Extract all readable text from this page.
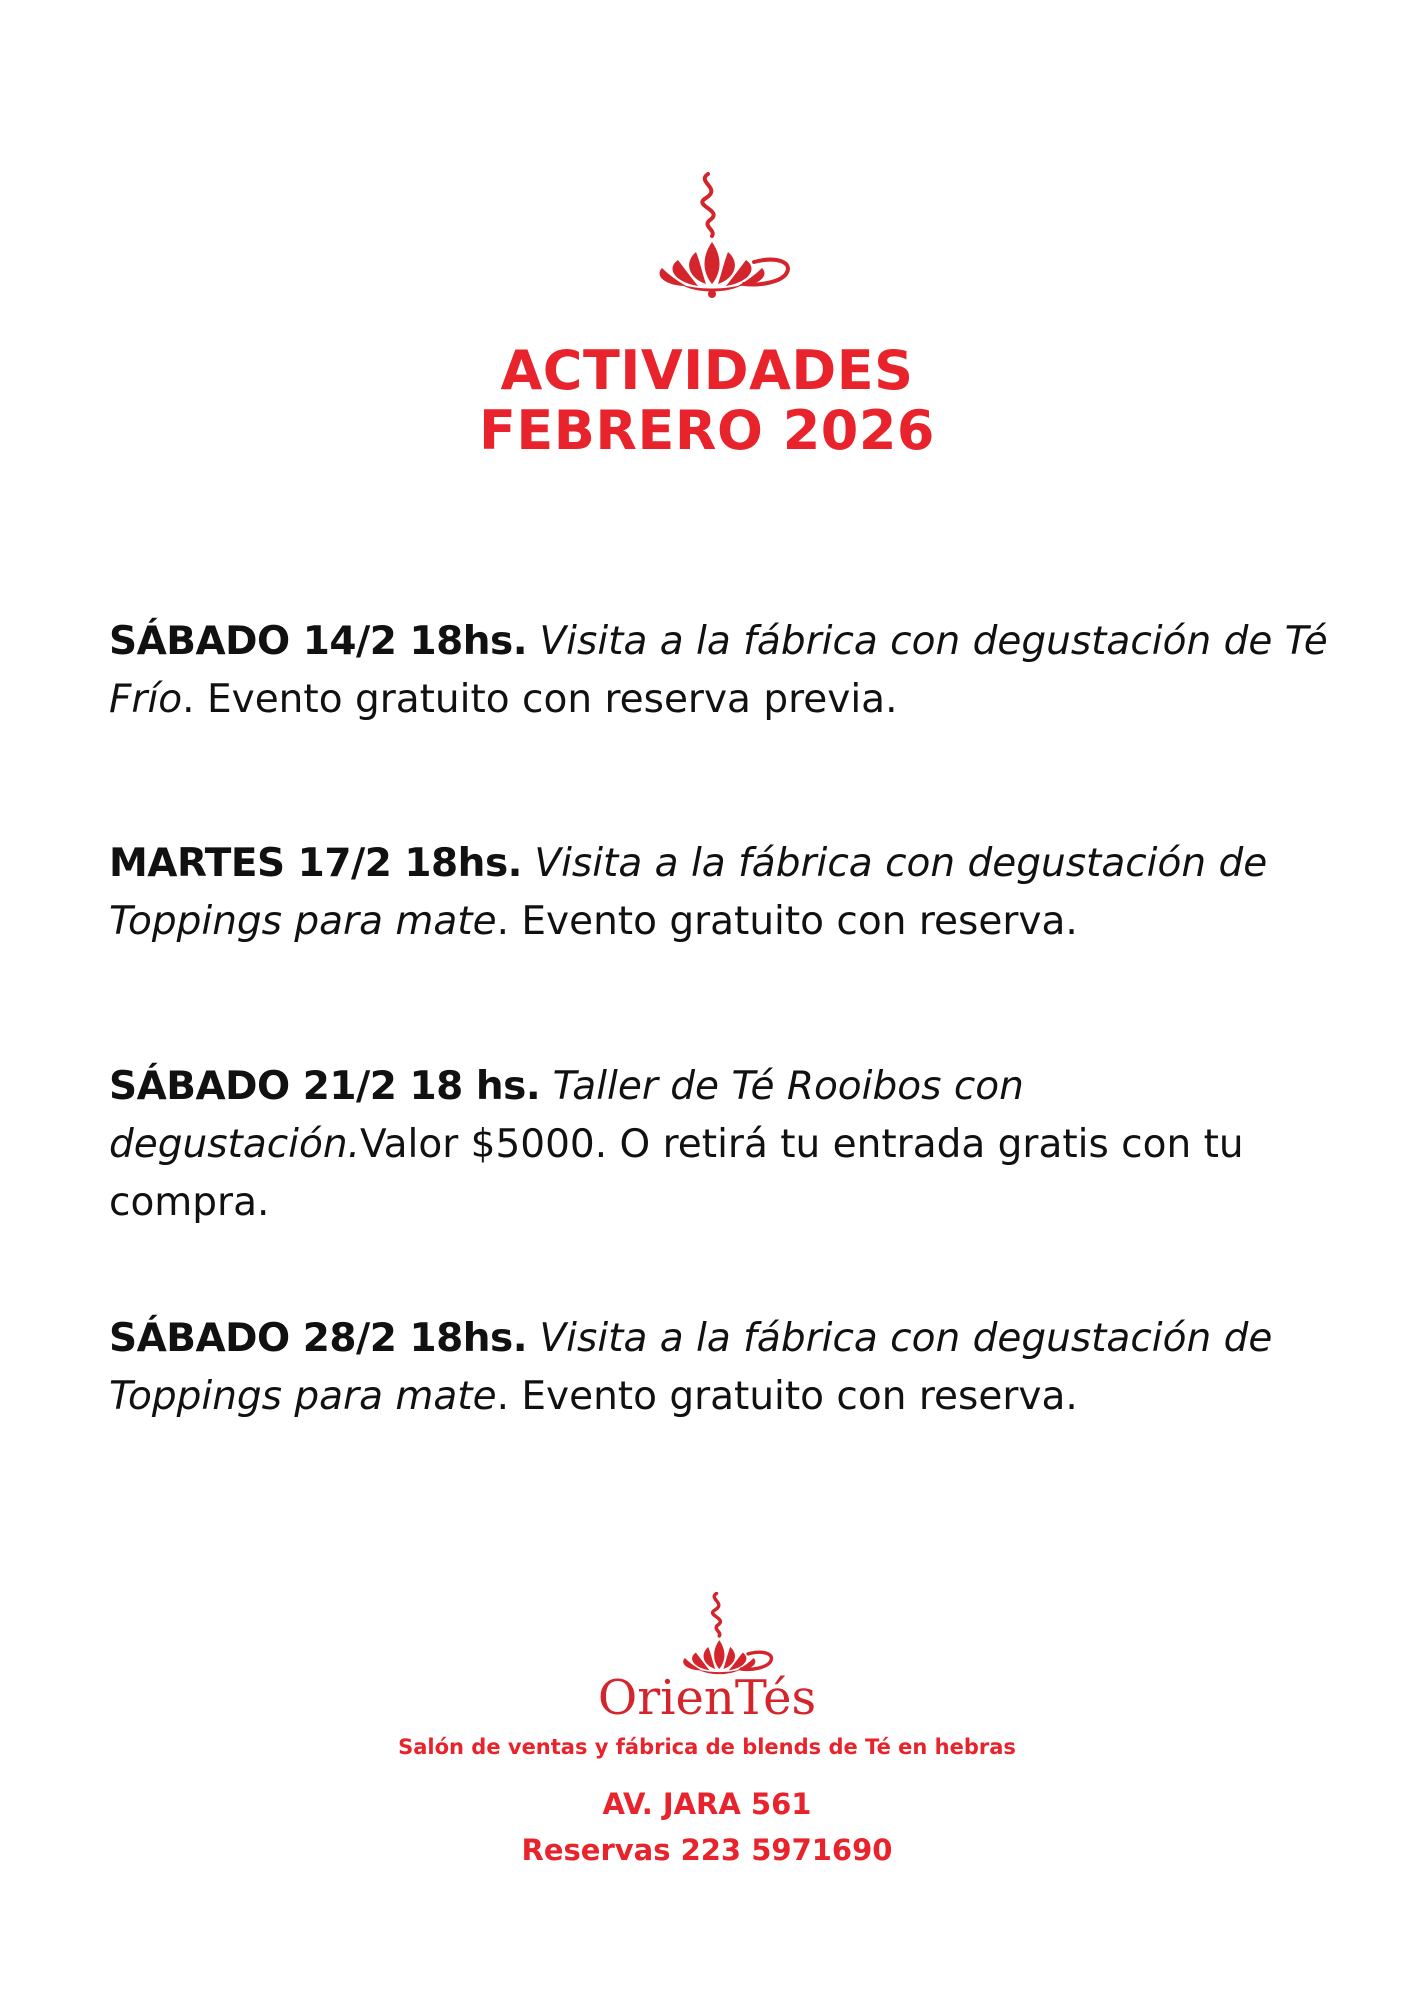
ACTIVIDADES
FEBRERO 2026
SÁBADO 14/2 18hs. Visita a la fábrica con degustación de Té Frío. Evento gratuito con reserva previa.
MARTES 17/2 18hs. Visita a la fábrica con degustación de Toppings para mate. Evento gratuito con reserva.
SÁBADO 21/2 18 hs. Taller de Té Rooibos con degustación.Valor $5000. O retirá tu entrada gratis con tu compra.
SÁBADO 28/2 18hs. Visita a la fábrica con degustación de Toppings para mate. Evento gratuito con reserva.
OrienTés
Salón de ventas y fábrica de blends de Té en hebras
AV. JARA 561
Reservas 223 5971690
